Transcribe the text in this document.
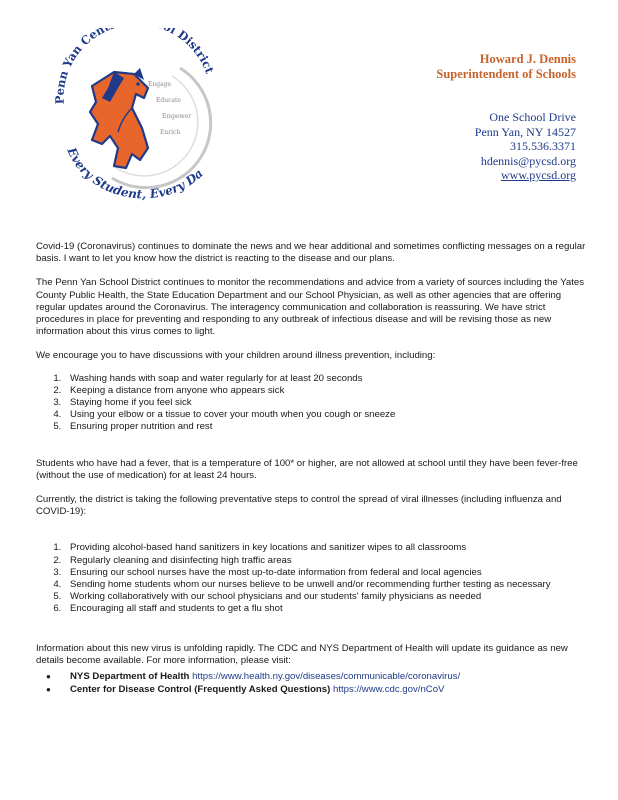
Penn Yan Cen l District
Every Student, Every Da
Engage
Educate
Empower
Enrich
Howard J. Dennis
Superintendent of Schools
One School Drive
Penn Yan, NY 14527
315.536.3371
hdennis@pycsd.org
www.pycsd.org

Covid-19 (Coronavirus) continues to dominate the news and we hear additional and sometimes conflicting messages on a regular basis. I want to let you know how the district is reacting to the disease and our plans.

The Penn Yan School District continues to monitor the recommendations and advice from a variety of sources including the Yates County Public Health, the State Education Department and our School Physician, as well as other agencies that are offering regular updates around the Coronavirus. The interagency communication and collaboration is reassuring. We have strict procedures in place for preventing and responding to any outbreak of infectious disease and will be revising those as new information about this virus comes to light.

We encourage you to have discussions with your children around illness prevention, including:

1. Washing hands with soap and water regularly for at least 20 seconds
2. Keeping a distance from anyone who appears sick
3. Staying home if you feel sick
4. Using your elbow or a tissue to cover your mouth when you cough or sneeze
5. Ensuring proper nutrition and rest

Students who have had a fever, that is a temperature of 100* or higher, are not allowed at school until they have been fever-free (without the use of medication) for at least 24 hours.

Currently, the district is taking the following preventative steps to control the spread of viral illnesses (including influenza and COVID-19):

1. Providing alcohol-based hand sanitizers in key locations and sanitizer wipes to all classrooms
2. Regularly cleaning and disinfecting high traffic areas
3. Ensuring our school nurses have the most up-to-date information from federal and local agencies
4. Sending home students whom our nurses believe to be unwell and/or recommending further testing as necessary
5. Working collaboratively with our school physicians and our students' family physicians as needed
6. Encouraging all staff and students to get a flu shot

Information about this new virus is unfolding rapidly. The CDC and NYS Department of Health will update its guidance as new details become available. For more information, please visit:

● NYS Department of Health https://www.health.ny.gov/diseases/communicable/coronavirus/
● Center for Disease Control (Frequently Asked Questions) https://www.cdc.gov/nCoV
